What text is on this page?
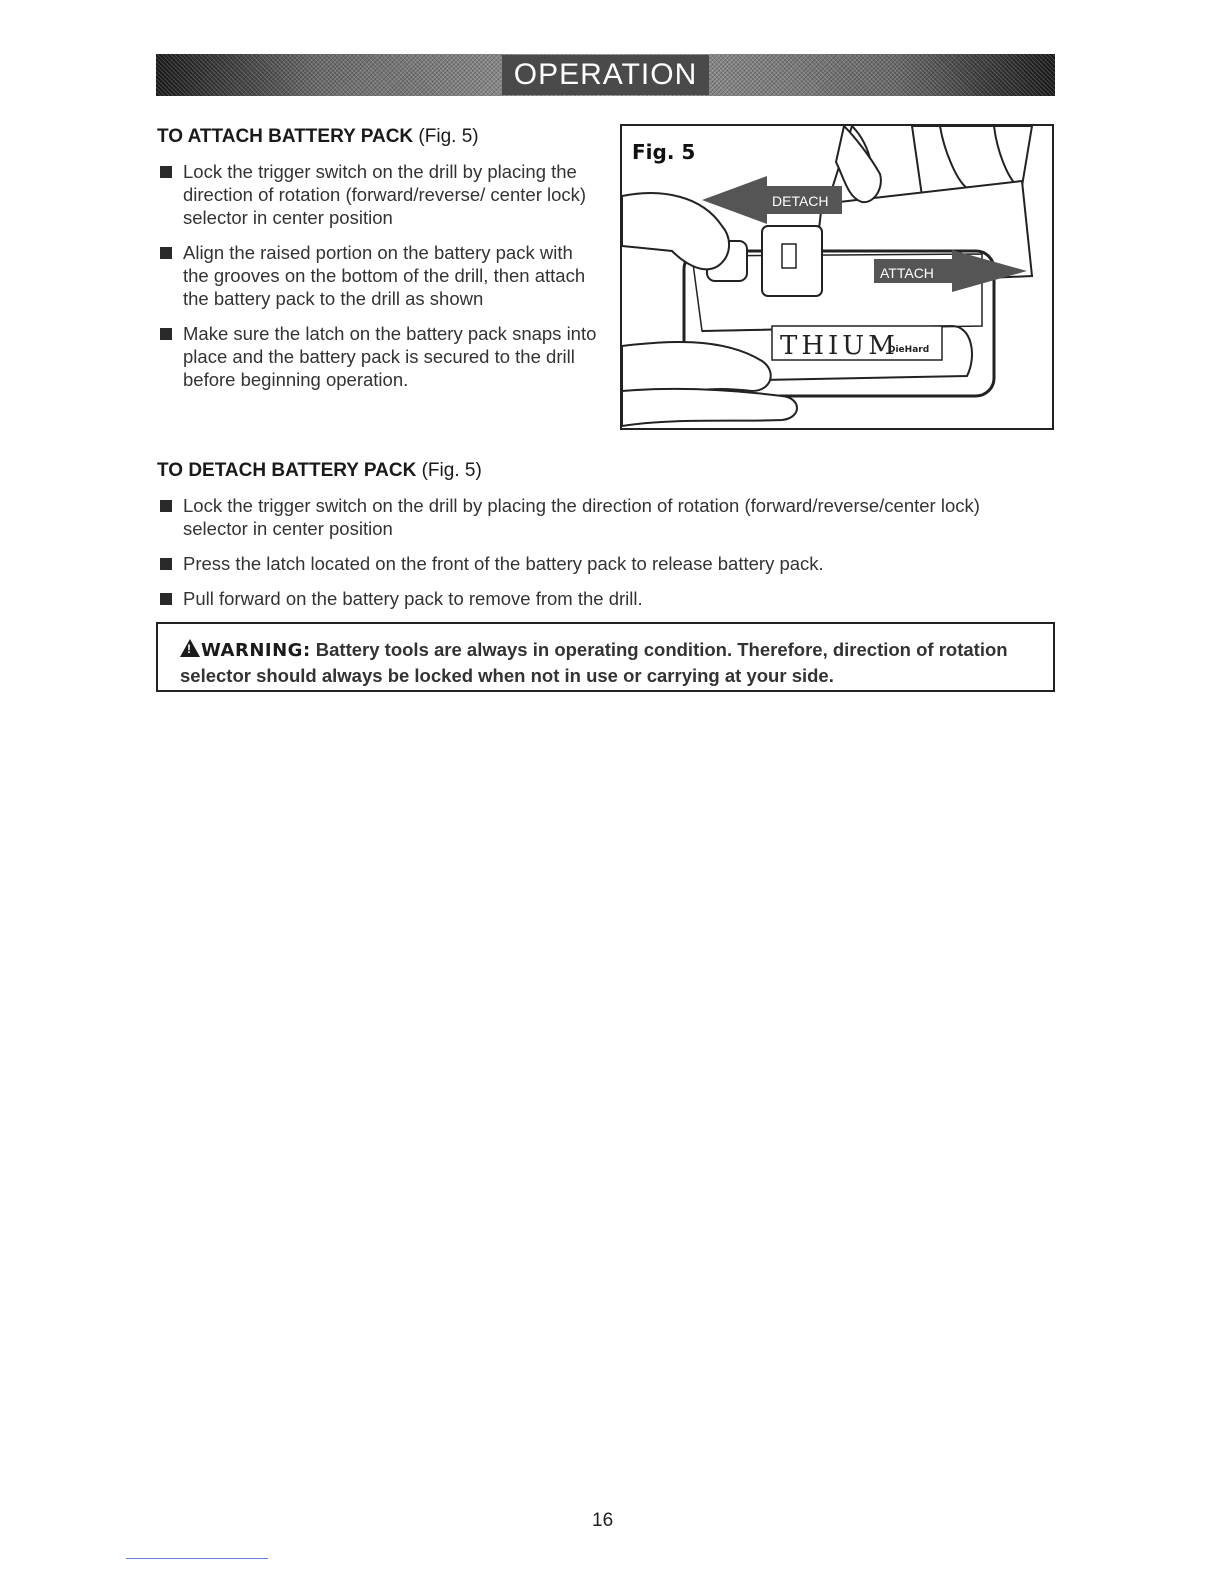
OPERATION
TO ATTACH BATTERY PACK (Fig. 5)
Lock the trigger switch on the drill by placing the direction of rotation (forward/reverse/ center lock) selector in center position
Align the raised portion on the battery pack with the grooves on the bottom of the drill, then attach the battery pack to the drill as shown
Make sure the latch on the battery pack snaps into place and the battery pack is secured to the drill before beginning operation.
THIUM
DieHard
DETACH
ATTACH
Fig. 5
TO DETACH BATTERY PACK (Fig. 5)
Lock the trigger switch on the drill by placing the direction of rotation (forward/reverse/center lock) selector in center position
Press the latch located on the front of the battery pack to release battery pack.
Pull forward on the battery pack to remove from the drill.
!WARNING: Battery tools are always in operating condition. Therefore, direction of rotation selector should always be locked when not in use or carrying at your side.
16
